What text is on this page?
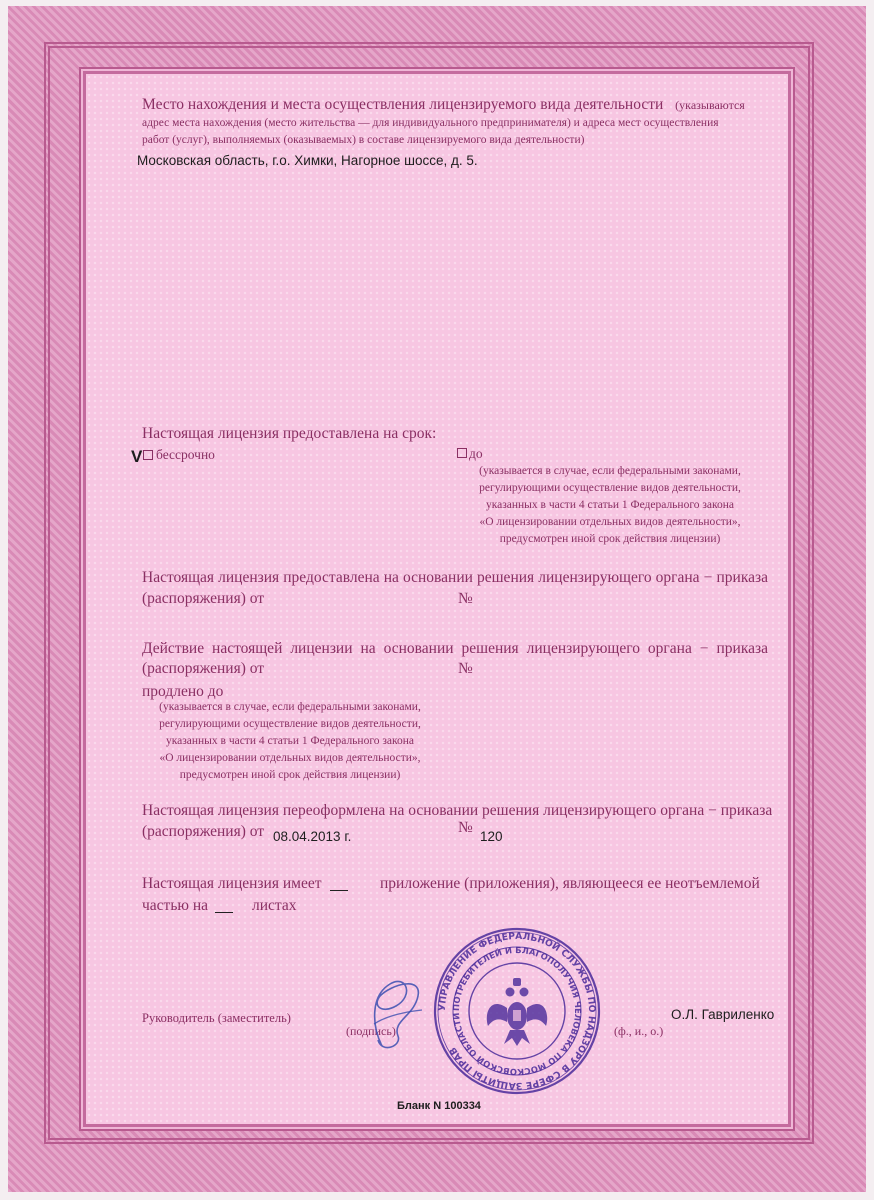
Место нахождения и места осуществления лицензируемого вида деятельности (указываются
адрес места нахождения (место жительства — для индивидуального предпринимателя) и адреса мест осуществления
работ (услуг), выполняемых (оказываемых) в составе лицензируемого вида деятельности)
Московская область, г.о. Химки, Нагорное шоссе, д. 5.
Настоящая лицензия предоставлена на срок:
V бессрочно	до
(указывается в случае, если федеральными законами,
регулирующими осуществление видов деятельности,
указанных в части 4 статьи 1 Федерального закона
«О лицензировании отдельных видов деятельности»,
предусмотрен иной срок действия лицензии)
Настоящая лицензия предоставлена на основании решения лицензирующего органа − приказа
(распоряжения) от	№
Действие настоящей лицензии на основании решения лицензирующего органа − приказа
(распоряжения) от	№
продлено до
(указывается в случае, если федеральными законами,
регулирующими осуществление видов деятельности,
указанных в части 4 статьи 1 Федерального закона
«О лицензировании отдельных видов деятельности»,
предусмотрен иной срок действия лицензии)
Настоящая лицензия переоформлена на основании решения лицензирующего органа − приказа
(распоряжения) от 08.04.2013 г.
№
120
Настоящая лицензия имеет	приложение (приложения), являющееся ее неотъемлемой
частью на	листах
Руководитель (заместитель)
(подпись)	(ф., и., о.)
О.Л. Гавриленко
УПРАВЛЕНИЕ ФЕДЕРАЛЬНОЙ СЛУЖБЫ ПО НАДЗОРУ В СФЕРЕ ЗАЩИТЫ ПРАВ
ПОТРЕБИТЕЛЕЙ И БЛАГОПОЛУЧИЯ ЧЕЛОВЕКА ПО МОСКОВСКОЙ ОБЛАСТИ
Бланк N 100334
